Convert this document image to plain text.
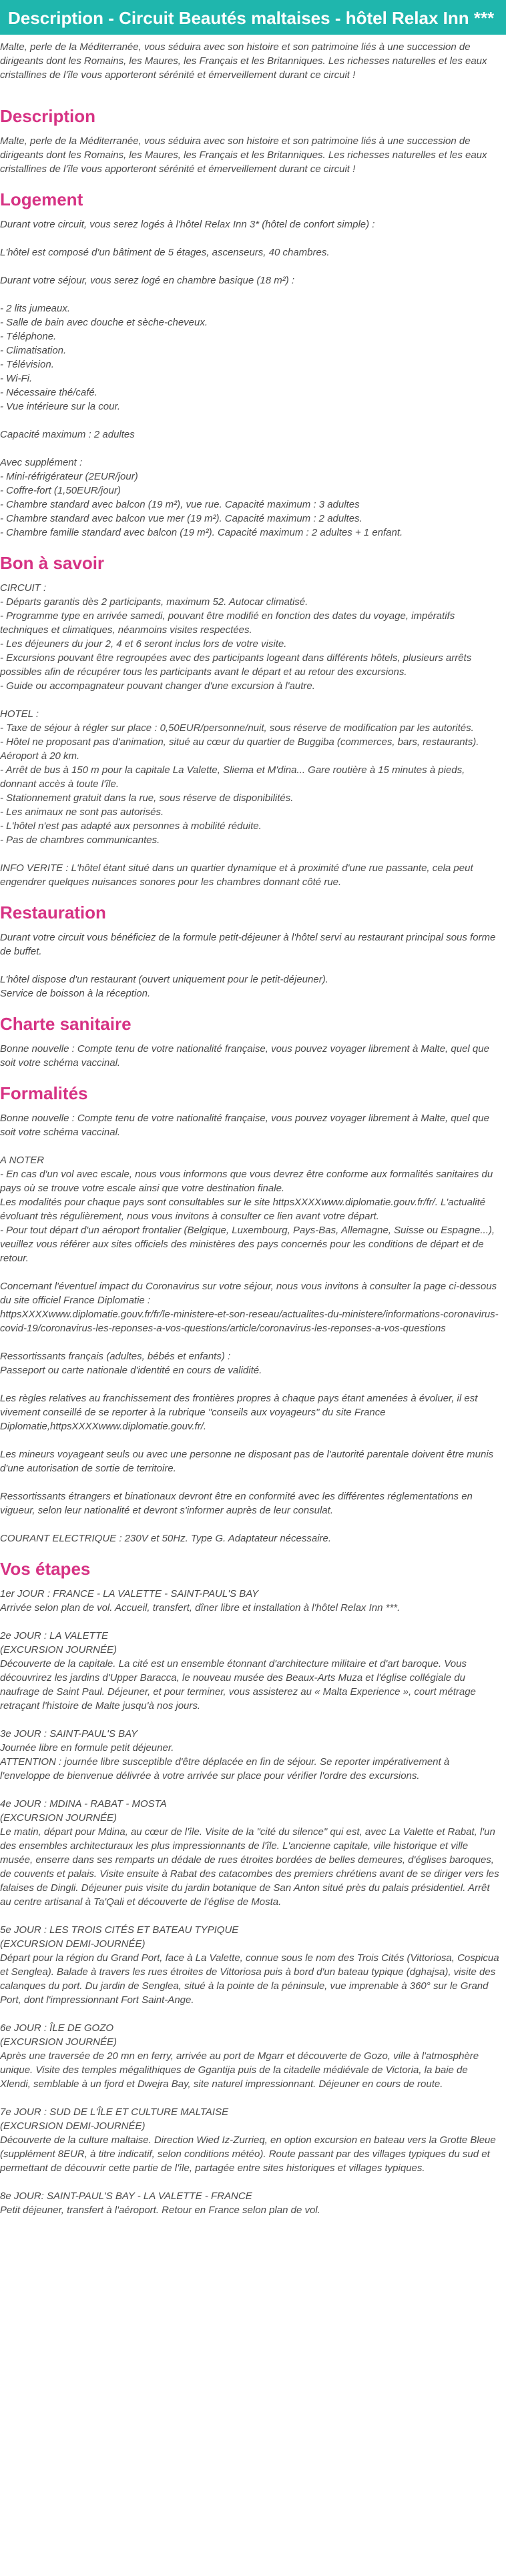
Description - Circuit Beautés maltaises - hôtel Relax Inn ***

Malte, perle de la Méditerranée, vous séduira avec son histoire et son patrimoine liés à une succession de dirigeants dont les Romains, les Maures, les Français et les Britanniques. Les richesses naturelles et les eaux cristallines de l'île vous apporteront sérénité et émerveillement durant ce circuit !

Description

Malte, perle de la Méditerranée, vous séduira avec son histoire et son patrimoine liés à une succession de dirigeants dont les Romains, les Maures, les Français et les Britanniques. Les richesses naturelles et les eaux cristallines de l'île vous apporteront sérénité et émerveillement durant ce circuit !

Logement

Durant votre circuit, vous serez logés à l'hôtel Relax Inn 3* (hôtel de confort simple) :

L'hôtel est composé d'un bâtiment de 5 étages, ascenseurs, 40 chambres.

Durant votre séjour, vous serez logé en chambre basique (18 m²) :

- 2 lits jumeaux.

- Salle de bain avec douche et sèche-cheveux.

- Téléphone.

- Climatisation.

- Télévision.

- Wi-Fi.

- Nécessaire thé/café.

- Vue intérieure sur la cour.

Capacité maximum : 2 adultes

Avec supplément :

- Mini-réfrigérateur (2EUR/jour)

- Coffre-fort (1,50EUR/jour)

- Chambre standard avec balcon (19 m²), vue rue. Capacité maximum : 3 adultes

- Chambre standard avec balcon vue mer (19 m²). Capacité maximum : 2 adultes.

- Chambre famille standard avec balcon (19 m²). Capacité maximum : 2 adultes + 1 enfant.

Bon à savoir

CIRCUIT :

- Départs garantis dès 2 participants, maximum 52. Autocar climatisé.

- Programme type en arrivée samedi, pouvant être modifié en fonction des dates du voyage, impératifs techniques et climatiques, néanmoins visites respectées.

- Les déjeuners du jour 2, 4 et 6 seront inclus lors de votre visite.

- Excursions pouvant être regroupées avec des participants logeant dans différents hôtels, plusieurs arrêts possibles afin de récupérer tous les participants avant le départ et au retour des excursions.

- Guide ou accompagnateur pouvant changer d'une excursion à l'autre.

HOTEL :

- Taxe de séjour à régler sur place : 0,50EUR/personne/nuit, sous réserve de modification par les autorités.

- Hôtel ne proposant pas d'animation, situé au cœur du quartier de Buggiba (commerces, bars, restaurants). Aéroport à 20 km.

- Arrêt de bus à 150 m pour la capitale La Valette, Sliema et M'dina... Gare routière à 15 minutes à pieds, donnant accès à toute l'île.

- Stationnement gratuit dans la rue, sous réserve de disponibilités.

- Les animaux ne sont pas autorisés.

- L'hôtel n'est pas adapté aux personnes à mobilité réduite.

- Pas de chambres communicantes.

INFO VERITE : L'hôtel étant situé dans un quartier dynamique et à proximité d'une rue passante, cela peut engendrer quelques nuisances sonores pour les chambres donnant côté rue.

Restauration

Durant votre circuit vous bénéficiez de la formule petit-déjeuner à l'hôtel servi au restaurant principal sous forme de buffet.

L'hôtel dispose d'un restaurant (ouvert uniquement pour le petit-déjeuner).

Service de boisson à la réception.

Charte sanitaire

Bonne nouvelle : Compte tenu de votre nationalité française, vous pouvez voyager librement à Malte, quel que soit votre schéma vaccinal.

Formalités

Bonne nouvelle : Compte tenu de votre nationalité française, vous pouvez voyager librement à Malte, quel que soit votre schéma vaccinal.

A NOTER

- En cas d'un vol avec escale, nous vous informons que vous devrez être conforme aux formalités sanitaires du pays où se trouve votre escale ainsi que votre destination finale.

Les modalités pour chaque pays sont consultables sur le site httpsXXXXwww.diplomatie.gouv.fr/fr/. L'actualité évoluant très régulièrement, nous vous invitons à consulter ce lien avant votre départ.

- Pour tout départ d'un aéroport frontalier (Belgique, Luxembourg, Pays-Bas, Allemagne, Suisse ou Espagne...), veuillez vous référer aux sites officiels des ministères des pays concernés pour les conditions de départ et de retour.

Concernant l'éventuel impact du Coronavirus sur votre séjour, nous vous invitons à consulter la page ci-dessous du site officiel France Diplomatie :

httpsXXXXwww.diplomatie.gouv.fr/fr/le-ministere-et-son-reseau/actualites-du-ministere/informations-coronavirus-covid-19/coronavirus-les-reponses-a-vos-questions/article/coronavirus-les-reponses-a-vos-questions

Ressortissants français (adultes, bébés et enfants) :

Passeport ou carte nationale d'identité en cours de validité.

Les règles relatives au franchissement des frontières propres à chaque pays étant amenées à évoluer, il est vivement conseillé de se reporter à la rubrique "conseils aux voyageurs" du site France Diplomatie,httpsXXXXwww.diplomatie.gouv.fr/.

Les mineurs voyageant seuls ou avec une personne ne disposant pas de l'autorité parentale doivent être munis d'une autorisation de sortie de territoire.

Ressortissants étrangers et binationaux devront être en conformité avec les différentes réglementations en vigueur, selon leur nationalité et devront s'informer auprès de leur consulat.

COURANT ELECTRIQUE : 230V et 50Hz. Type G. Adaptateur nécessaire.

Vos étapes

1er JOUR : FRANCE - LA VALETTE - SAINT-PAUL'S BAY

Arrivée selon plan de vol. Accueil, transfert, dîner libre et installation à l'hôtel Relax Inn ***.

2e JOUR : LA VALETTE

(EXCURSION JOURNÉE)

Découverte de la capitale. La cité est un ensemble étonnant d'architecture militaire et d'art baroque. Vous découvrirez les jardins d'Upper Baracca, le nouveau musée des Beaux-Arts Muza et l'église collégiale du naufrage de Saint Paul. Déjeuner, et pour terminer, vous assisterez au « Malta Experience », court métrage retraçant l'histoire de Malte jusqu'à nos jours.

3e JOUR : SAINT-PAUL'S BAY

Journée libre en formule petit déjeuner.

ATTENTION : journée libre susceptible d'être déplacée en fin de séjour. Se reporter impérativement à l'enveloppe de bienvenue délivrée à votre arrivée sur place pour vérifier l'ordre des excursions.

4e JOUR : MDINA - RABAT - MOSTA

(EXCURSION JOURNÉE)

Le matin, départ pour Mdina, au cœur de l'île. Visite de la "cité du silence" qui est, avec La Valette et Rabat, l'un des ensembles architecturaux les plus impressionnants de l'île. L'ancienne capitale, ville historique et ville musée, enserre dans ses remparts un dédale de rues étroites bordées de belles demeures, d'églises baroques, de couvents et palais. Visite ensuite à Rabat des catacombes des premiers chrétiens avant de se diriger vers les falaises de Dingli. Déjeuner puis visite du jardin botanique de San Anton situé près du palais présidentiel. Arrêt au centre artisanal à Ta'Qali et découverte de l'église de Mosta.

5e JOUR : LES TROIS CITÉS ET BATEAU TYPIQUE

(EXCURSION DEMI-JOURNÉE)

Départ pour la région du Grand Port, face à La Valette, connue sous le nom des Trois Cités (Vittoriosa, Cospicua et Senglea). Balade à travers les rues étroites de Vittoriosa puis à bord d'un bateau typique (dghajsa), visite des calanques du port. Du jardin de Senglea, situé à la pointe de la péninsule, vue imprenable à 360° sur le Grand Port, dont l'impressionnant Fort Saint-Ange.

6e JOUR : ÎLE DE GOZO

(EXCURSION JOURNÉE)

Après une traversée de 20 mn en ferry, arrivée au port de Mgarr et découverte de Gozo, ville à l'atmosphère unique. Visite des temples mégalithiques de Ggantija puis de la citadelle médiévale de Victoria, la baie de Xlendi, semblable à un fjord et Dwejra Bay, site naturel impressionnant. Déjeuner en cours de route.

7e JOUR : SUD DE L'ÎLE ET CULTURE MALTAISE

(EXCURSION DEMI-JOURNÉE)

Découverte de la culture maltaise. Direction Wied Iz-Zurrieq, en option excursion en bateau vers la Grotte Bleue (supplément 8EUR, à titre indicatif, selon conditions météo). Route passant par des villages typiques du sud et permettant de découvrir cette partie de l'île, partagée entre sites historiques et villages typiques.

8e JOUR: SAINT-PAUL'S BAY - LA VALETTE - FRANCE

Petit déjeuner, transfert à l'aéroport. Retour en France selon plan de vol.
